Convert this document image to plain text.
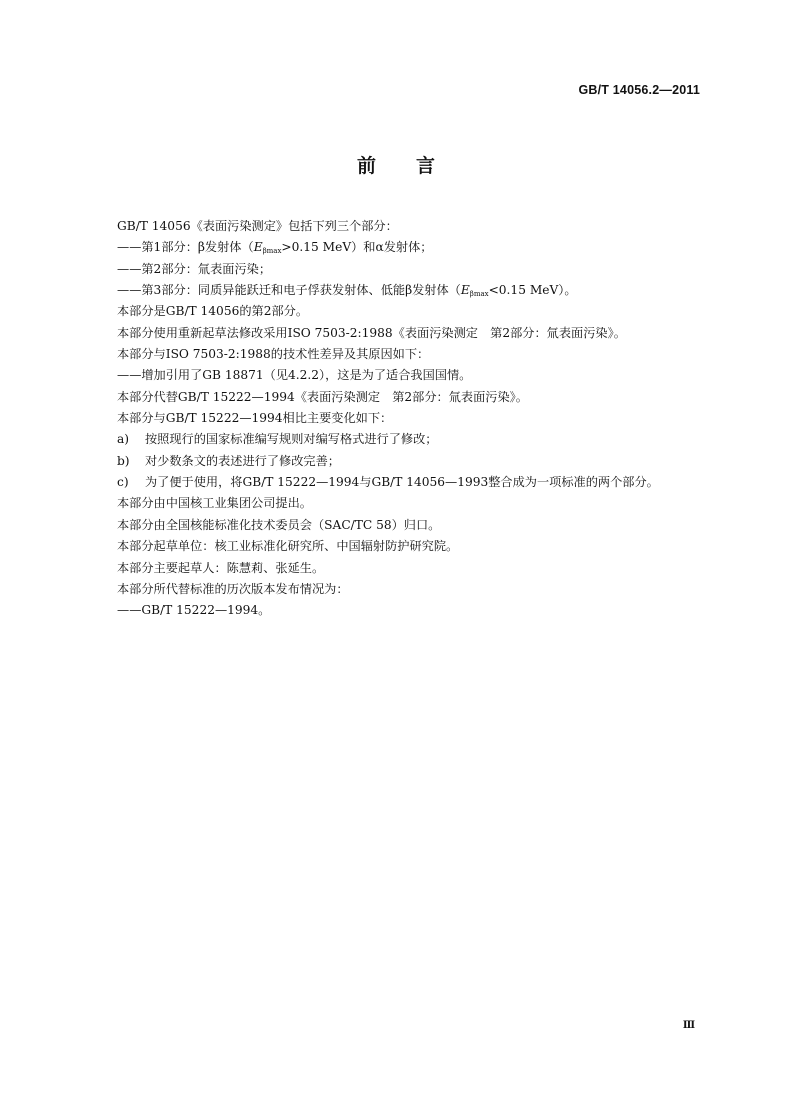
GB/T 14056.2—2011
前言
GB/T 14056《表面污染测定》包括下列三个部分：
——第1部分：β发射体（$E_{\beta max}>0.15$ MeV）和α发射体；
——第2部分：氚表面污染；
——第3部分：同质异能跃迁和电子俘获发射体、低能β发射体（$E_{\beta max}<0.15$ MeV）。
本部分是GB/T 14056的第2部分。
本部分使用重新起草法修改采用ISO 7503-2:1988《表面污染测定　第2部分：氚表面污染》。
本部分与ISO 7503-2:1988的技术性差异及其原因如下：
——增加引用了GB 18871（见4.2.2），这是为了适合我国国情。
本部分代替GB/T 15222—1994《表面污染测定　第2部分：氚表面污染》。
本部分与GB/T 15222—1994相比主要变化如下：
a) 按照现行的国家标准编写规则对编写格式进行了修改；
b) 对少数条文的表述进行了修改完善；
c) 为了便于使用，将GB/T 15222—1994与GB/T 14056—1993整合成为一项标准的两个部分。
本部分由中国核工业集团公司提出。
本部分由全国核能标准化技术委员会（SAC/TC 58）归口。
本部分起草单位：核工业标准化研究所、中国辐射防护研究院。
本部分主要起草人：陈慧莉、张延生。
本部分所代替标准的历次版本发布情况为：
——GB/T 15222—1994。
Ⅲ
